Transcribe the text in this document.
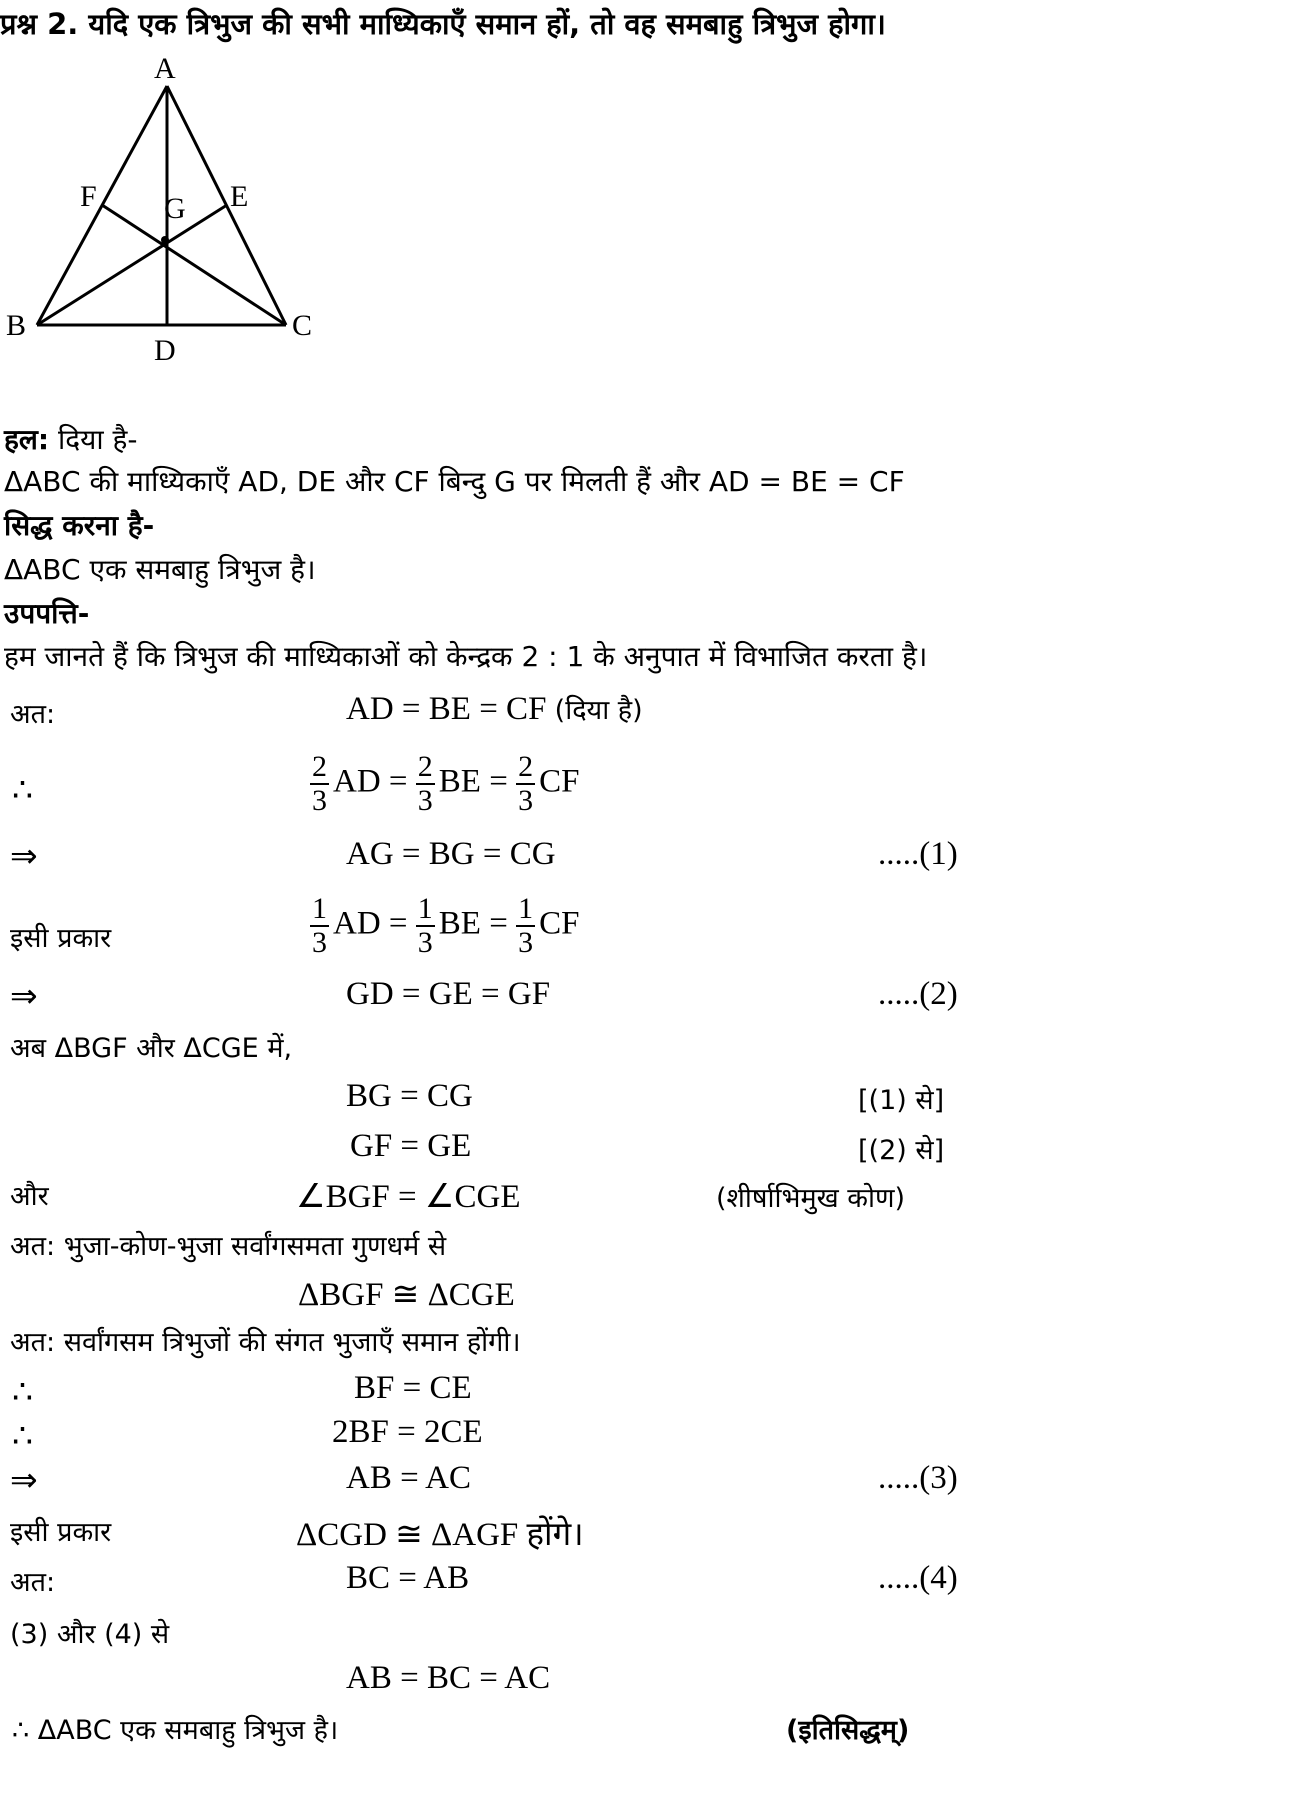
प्रश्न 2. यदि एक त्रिभुज की सभी माध्यिकाएँ समान हों, तो वह समबाहु त्रिभुज होगा।
A
B	C
D
E
F G
हल: दिया है-
ΔABC की माध्यिकाएँ AD, DE और CF बिन्दु G पर मिलती हैं और AD = BE = CF
सिद्ध करना है-
ΔABC एक समबाहु त्रिभुज है।
उपपत्ति-
हम जानते हैं कि त्रिभुज की माध्यिकाओं को केन्द्रक 2 : 1 के अनुपात में विभाजित करता है।
अत:	AD = BE = CF (दिया है)
∴	$\frac{2}{3}$ AD = $\frac{2}{3}$ BE = $\frac{2}{3}$ CF
⇒	AG = BG = CG	.....(1)
इसी प्रकार	$\frac{1}{3}$ AD = $\frac{1}{3}$ BE = $\frac{1}{3}$ CF
⇒	GD = GE = GF	.....(2)
अब ΔBGF और ΔCGE में,
BG = CG	[(1) से]
GF = GE	[(2) से]
और	∠BGF = ∠CGE	(शीर्षाभिमुख कोण)
अत: भुजा-कोण-भुजा सर्वांगसमता गुणधर्म से
ΔBGF ≅ ΔCGE
अत: सर्वांगसम त्रिभुजों की संगत भुजाएँ समान होंगी।
∴	BF = CE
∴	2BF = 2CE
⇒	AB = AC	.....(3)
इसी प्रकार	ΔCGD ≅ ΔAGF होंगे।
अत:	BC = AB	.....(4)
(3) और (4) से
AB = BC = AC
∴ ΔABC एक समबाहु त्रिभुज है।	(इतिसिद्धम्)
